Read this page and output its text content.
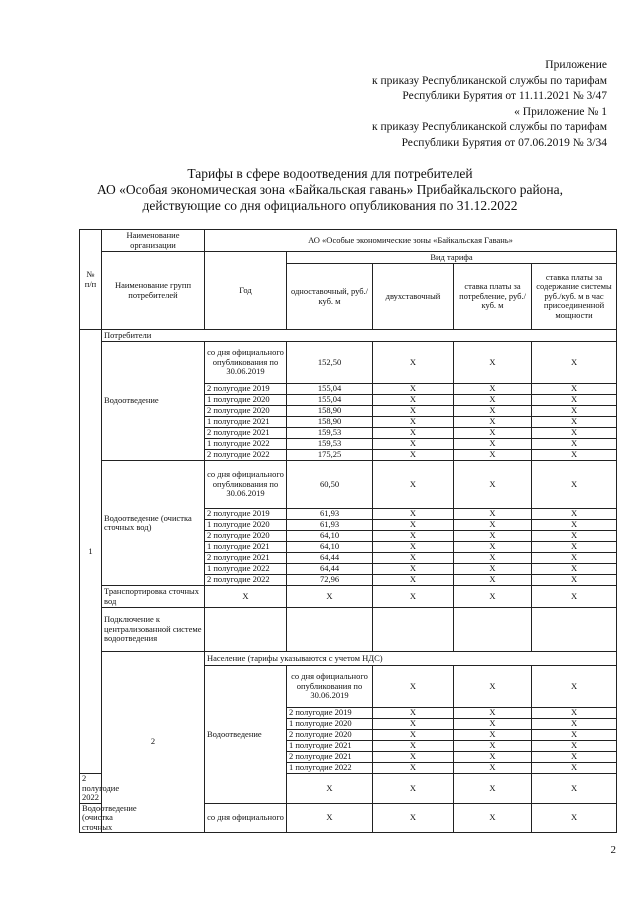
Приложение
к приказу Республиканской службы по тарифам
Республики Бурятия от 11.11.2021 № 3/47
« Приложение № 1
к приказу Республиканской службы по тарифам
Республики Бурятия от 07.06.2019 № 3/34
Тарифы в сфере водоотведения для потребителей
АО «Особая экономическая зона «Байкальская гавань» Прибайкальского района,
действующие со дня официального опубликования по 31.12.2022
№ п/п	Наименование организации	АО «Особые экономические зоны «Байкальская Гавань»					
	Наименование групп потребителей	Год	Вид тарифа				
			одноставочный, руб./ куб. м	двухставочный	ставка платы за потребление, руб./ куб. м	ставка платы за содержание системы руб./куб. м в час присоединенной мощности	
1	Потребители						
	Водоотведение	со дня официального опубликования по 30.06.2019	152,50	Х	Х	Х	
		2 полугодие 2019	155,04	Х	Х	Х	
		1 полугодие 2020	155,04	Х	Х	Х	
		2 полугодие 2020	158,90	Х	Х	Х	
		1 полугодие 2021	158,90	Х	Х	Х	
		2 полугодие 2021	159,53	Х	Х	Х	
		1 полугодие 2022	159,53	Х	Х	Х	
		2 полугодие 2022	175,25	Х	Х	Х	
	Водоотведение (очистка сточных вод)	со дня официального опубликования по 30.06.2019	60,50	Х	Х	Х	
		2 полугодие 2019	61,93	Х	Х	Х	
		1 полугодие 2020	61,93	Х	Х	Х	
		2 полугодие 2020	64,10	Х	Х	Х	
		1 полугодие 2021	64,10	Х	Х	Х	
		2 полугодие 2021	64,44	Х	Х	Х	
		1 полугодие 2022	64,44	Х	Х	Х	
		2 полугодие 2022	72,96	Х	Х	Х	
	Транспортировка сточных вод	Х	Х	Х	Х	Х	
	Подключение к централизованной системе водоотведения						
	2	Население (тарифы указываются с учетом НДС)					
		Водоотведение	со дня официального опубликования по 30.06.2019	Х	Х	Х	
			2 полугодие 2019	Х	Х	Х	
			1 полугодие 2020	Х	Х	Х	
			2 полугодие 2020	Х	Х	Х	
			1 полугодие 2021	Х	Х	Х	
			2 полугодие 2021	Х	Х	Х	
			1 полугодие 2022	Х	Х	Х	
2 полугодие 2022			Х	Х	Х	Х	
Водоотведение (очистка сточных		со дня официального	Х	Х	Х	Х	
2
